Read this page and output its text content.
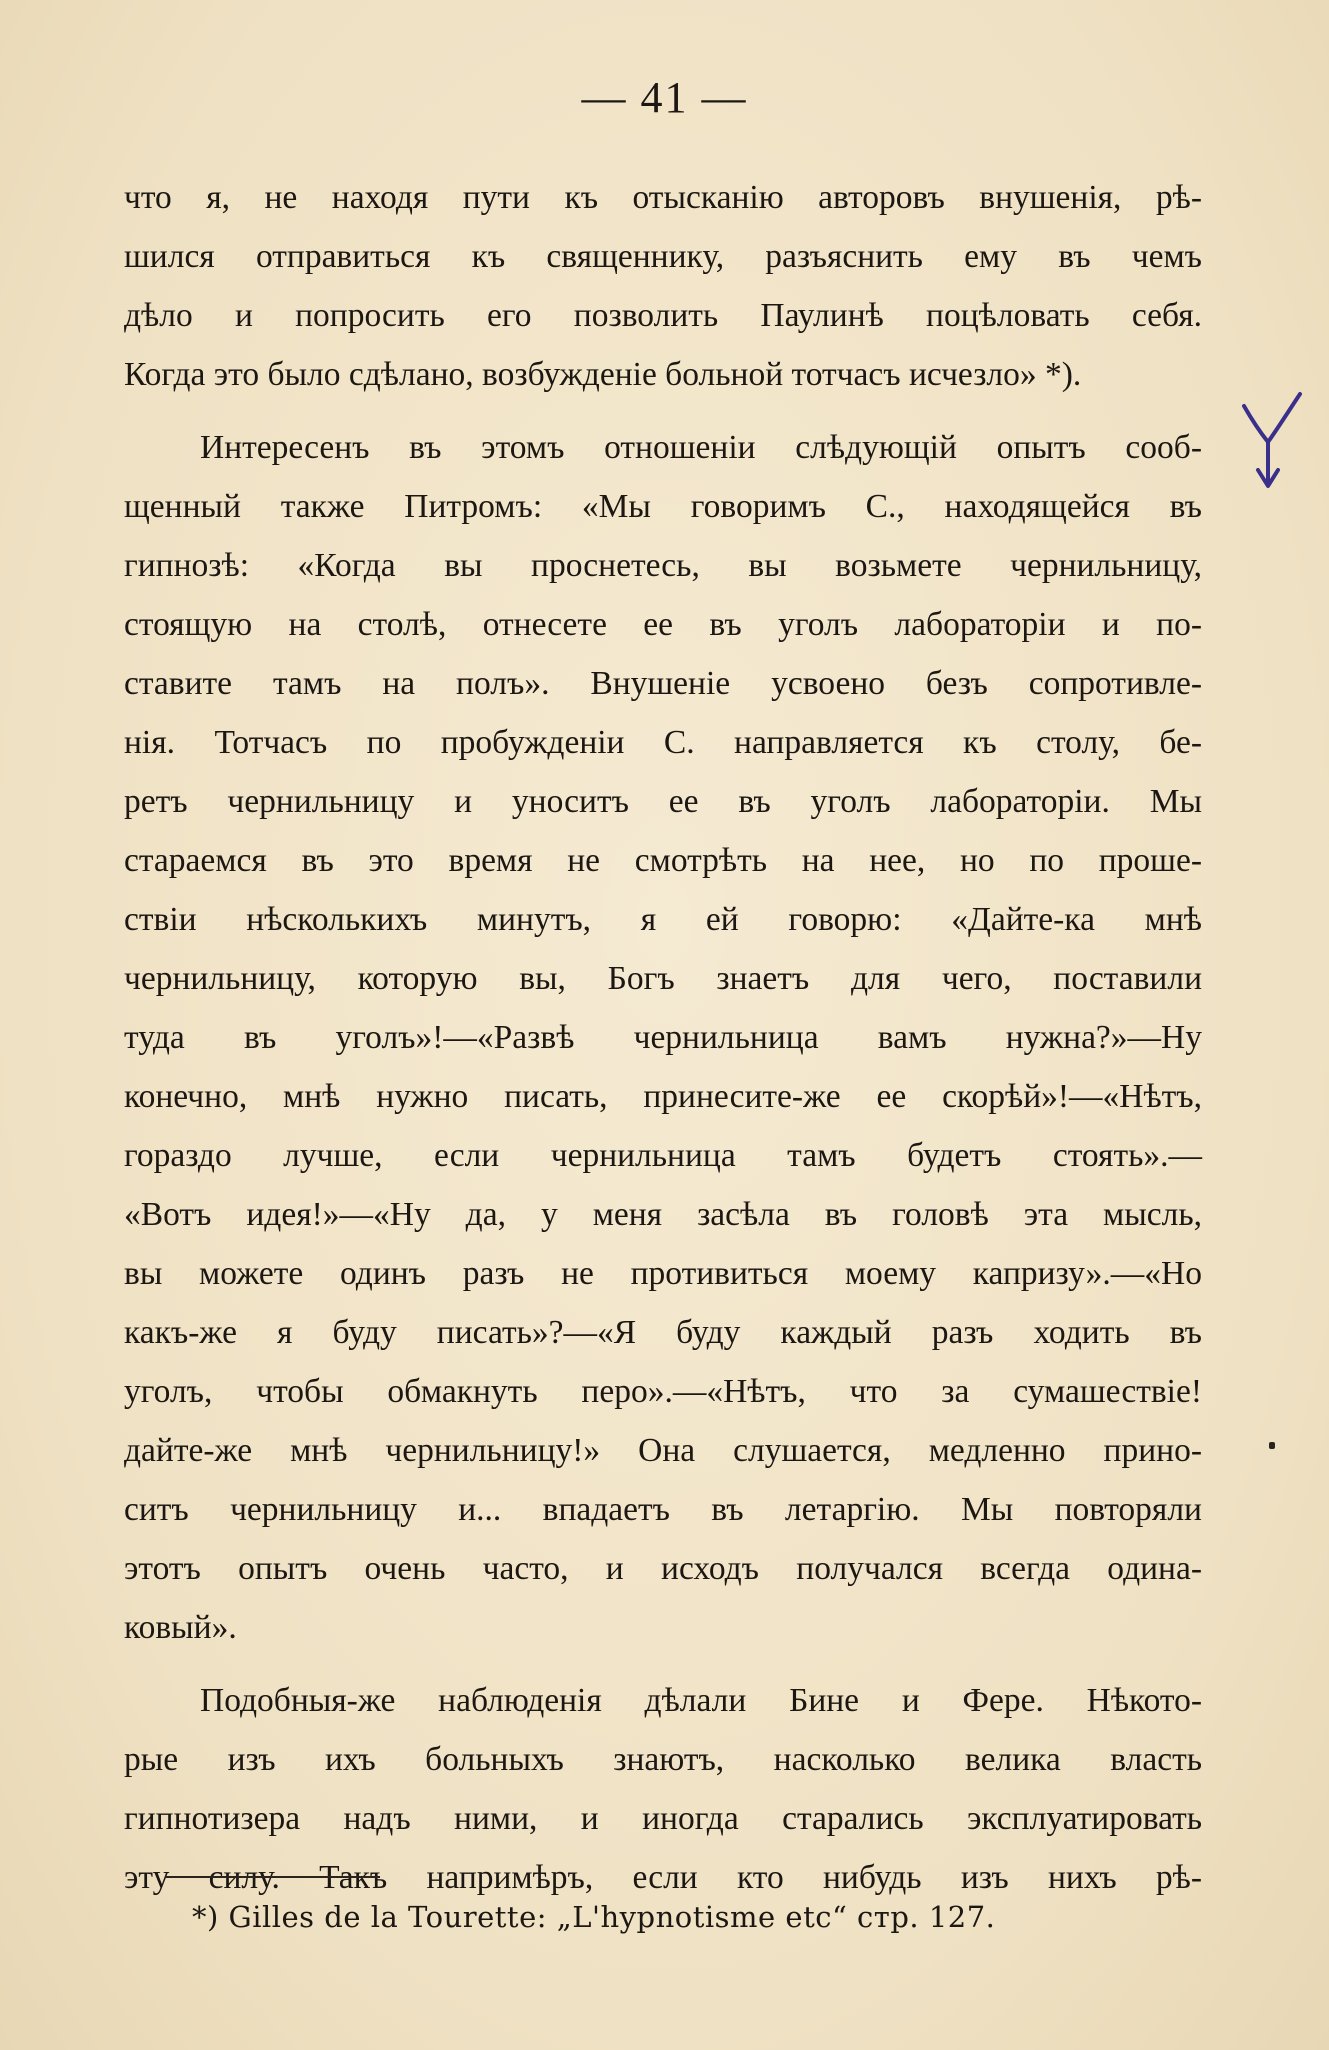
— 41 —
что я, не находя пути къ отысканію авторовъ внушенія, рѣ-
шился отправиться къ священнику, разъяснить ему въ чемъ
дѣло и попросить его позволить Паулинѣ поцѣловать себя.
Когда это было сдѣлано, возбужденіе больной тотчасъ исчезло» *).
Интересенъ въ этомъ отношеніи слѣдующій опытъ сооб-
щенный также Питромъ: «Мы говоримъ С., находящейся въ
гипнозѣ: «Когда вы проснетесь, вы возьмете чернильницу,
стоящую на столѣ, отнесете ее въ уголъ лабораторіи и по-
ставите тамъ на полъ». Внушеніе усвоено безъ сопротивле-
нія. Тотчасъ по пробужденіи С. направляется къ столу, бе-
ретъ чернильницу и уноситъ ее въ уголъ лабораторіи. Мы
стараемся въ это время не смотрѣть на нее, но по проше-
ствіи нѣсколькихъ минутъ, я ей говорю: «Дайте-ка мнѣ
чернильницу, которую вы, Богъ знаетъ для чего, поставили
туда въ уголъ»!—«Развѣ чернильница вамъ нужна?»—Ну
конечно, мнѣ нужно писать, принесите-же ее скорѣй»!—«Нѣтъ,
гораздо лучше, если чернильница тамъ будетъ стоять».—
«Вотъ идея!»—«Ну да, у меня засѣла въ головѣ эта мысль,
вы можете одинъ разъ не противиться моему капризу».—«Но
какъ-же я буду писать»?—«Я буду каждый разъ ходить въ
уголъ, чтобы обмакнуть перо».—«Нѣтъ, что за сумашествіе!
дайте-же мнѣ чернильницу!» Она слушается, медленно прино-
ситъ чернильницу и... впадаетъ въ летаргію. Мы повторяли
этотъ опытъ очень часто, и исходъ получался всегда одина-
ковый».
Подобныя-же наблюденія дѣлали Бинe и Фере. Нѣкото-
рые изъ ихъ больныхъ знаютъ, насколько велика власть
гипнотизера надъ ними, и иногда старались эксплуатировать
эту силу. Такъ напримѣръ, если кто нибудь изъ нихъ рѣ-
*) Gilles de la Tourette: „L'hypnotisme etc“ стр. 127.
